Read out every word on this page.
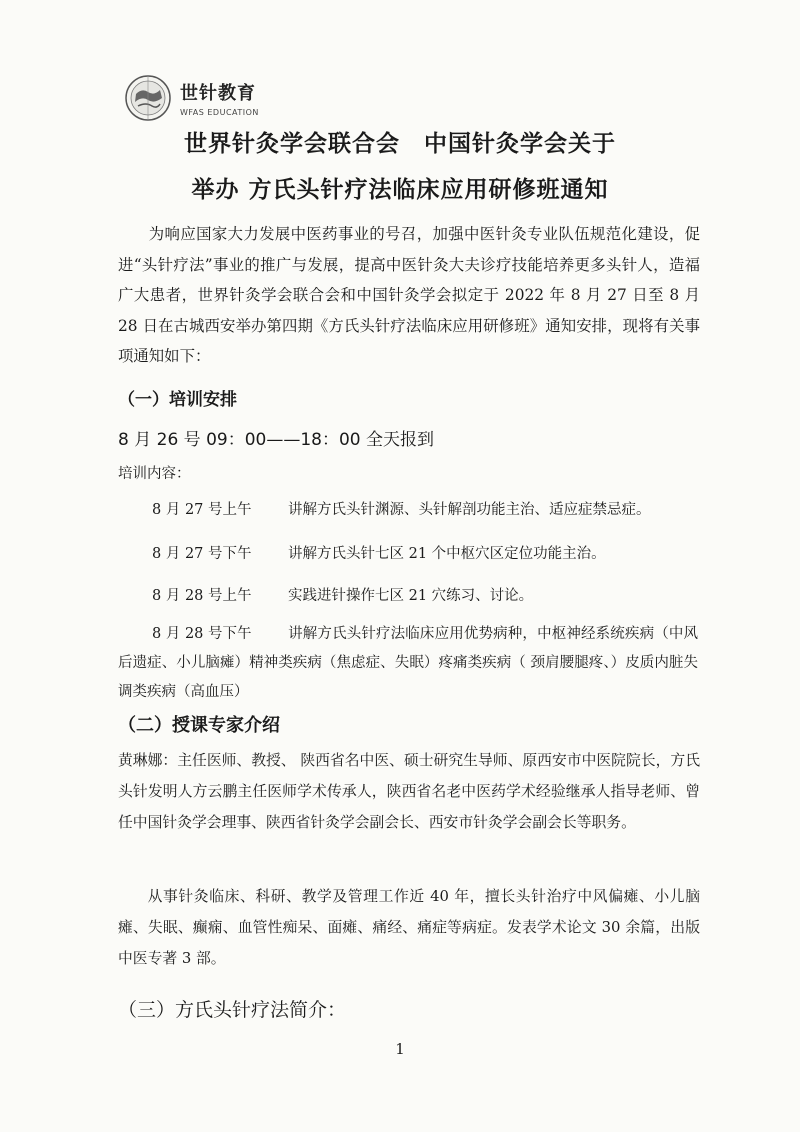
世针教育
WFAS EDUCATION
世界针灸学会联合会　中国针灸学会关于
举办 方氏头针疗法临床应用研修班通知
为响应国家大力发展中医药事业的号召，加强中医针灸专业队伍规范化建设，促进“头针疗法”事业的推广与发展，提高中医针灸大夫诊疗技能培养更多头针人，造福广大患者，世界针灸学会联合会和中国针灸学会拟定于 2022 年 8 月 27 日至 8 月 28 日在古城西安举办第四期《方氏头针疗法临床应用研修班》通知安排，现将有关事项通知如下：
（一）培训安排
8 月 26 号 09：00——18：00 全天报到
培训内容：
8 月 27 号上午	讲解方氏头针渊源、头针解剖功能主治、适应症禁忌症。
8 月 27 号下午	讲解方氏头针七区 21 个中枢穴区定位功能主治。
8 月 28 号上午	实践进针操作七区 21 穴练习、讨论。
8 月 28 号下午	讲解方氏头针疗法临床应用优势病种，中枢神经系统疾病（中风后遗症、小儿脑瘫）精神类疾病（焦虑症、失眠）疼痛类疾病（ 颈肩腰腿疼、）皮质内脏失调类疾病（高血压）
（二）授课专家介绍
黄琳娜：主任医师、教授、 陕西省名中医、硕士研究生导师、原西安市中医院院长，方氏头针发明人方云鹏主任医师学术传承人，陕西省名老中医药学术经验继承人指导老师、曾任中国针灸学会理事、陕西省针灸学会副会长、西安市针灸学会副会长等职务。
从事针灸临床、科研、教学及管理工作近 40 年，擅长头针治疗中风偏瘫、小儿脑瘫、失眠、癫痫、血管性痴呆、面瘫、痛经、痛症等病症。发表学术论文 30 余篇，出版中医专著 3 部。
（三）方氏头针疗法简介：
1
